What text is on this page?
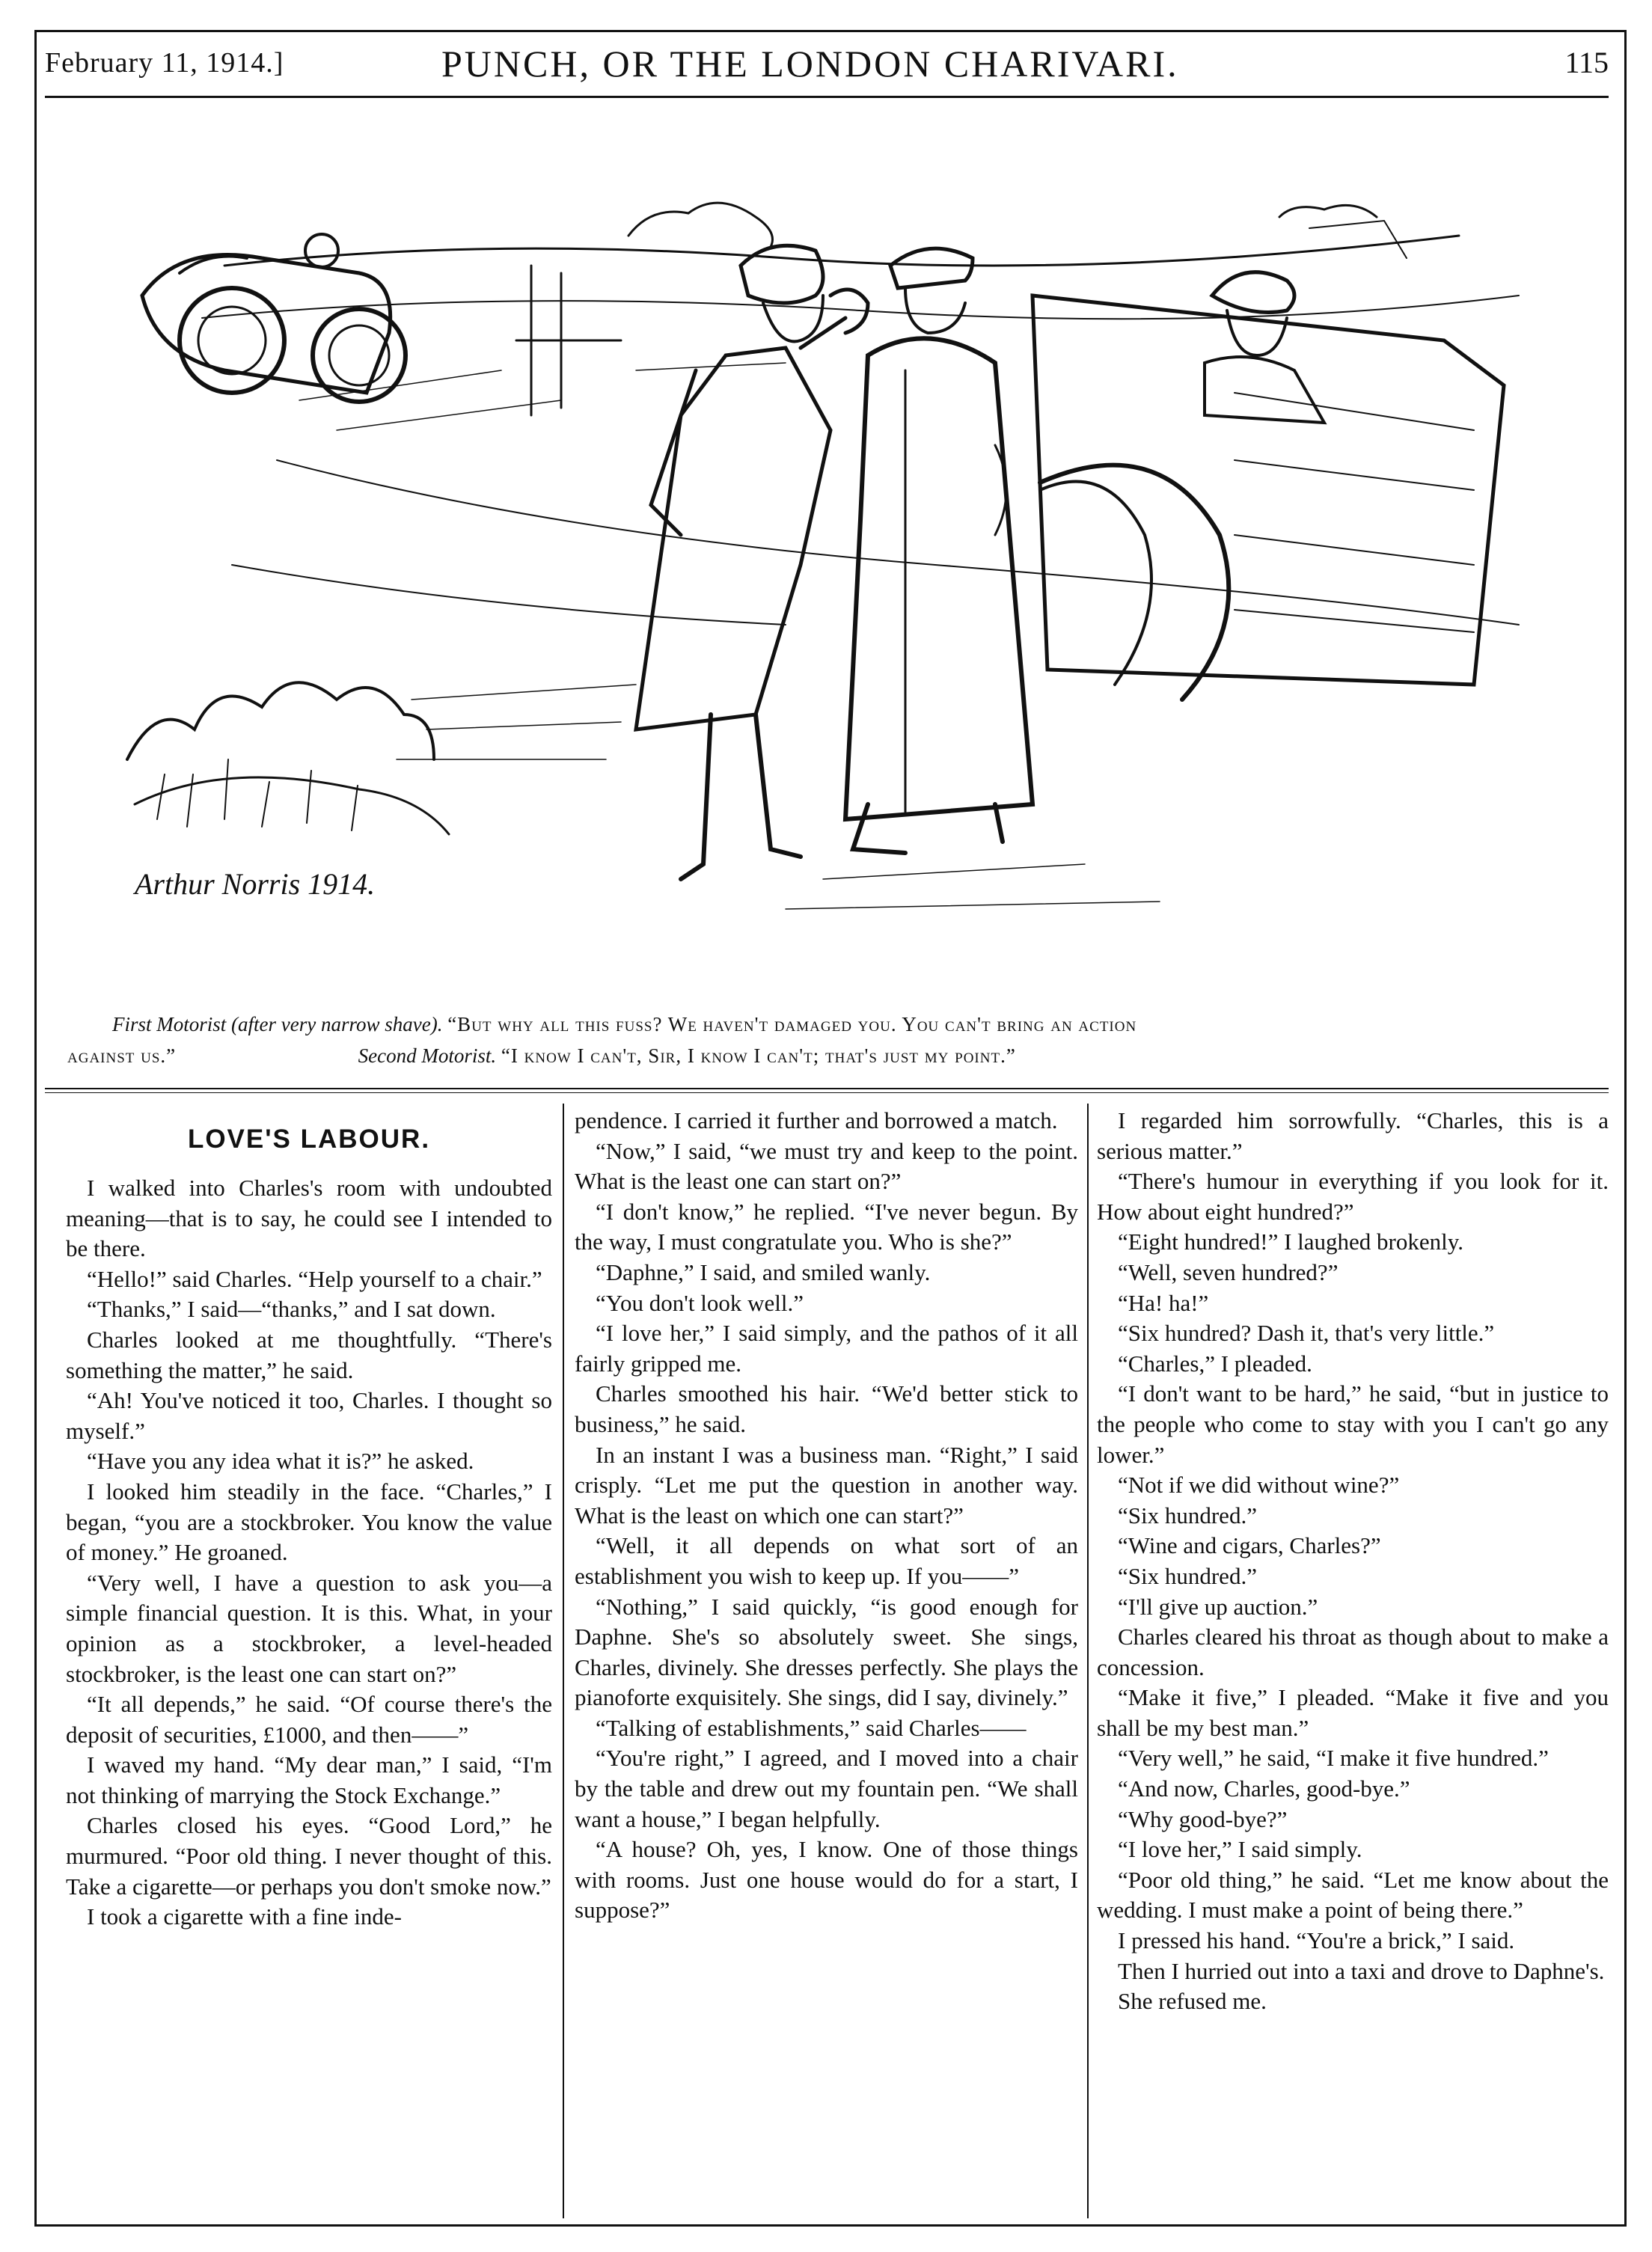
February 11, 1914.]	PUNCH, OR THE LONDON CHARIVARI.	115
Arthur Norris 1914.
First Motorist (after very narrow shave). “But why all this fuss? We haven't damaged you. You can't bring an action
against us.”	Second Motorist. “I know I can't, Sir, I know I can't; that's just my point.”
LOVE'S LABOUR.

I walked into Charles's room with undoubted meaning—that is to say, he could see I intended to be there.

“Hello!” said Charles. “Help yourself to a chair.”

“Thanks,” I said—“thanks,” and I sat down.

Charles looked at me thoughtfully. “There's something the matter,” he said.

“Ah! You've noticed it too, Charles. I thought so myself.”

“Have you any idea what it is?” he asked.

I looked him steadily in the face. “Charles,” I began, “you are a stockbroker. You know the value of money.” He groaned.

“Very well, I have a question to ask you—a simple financial question. It is this. What, in your opinion as a stockbroker, a level-headed stockbroker, is the least one can start on?”

“It all depends,” he said. “Of course there's the deposit of securities, £1000, and then——”

I waved my hand. “My dear man,” I said, “I'm not thinking of marrying the Stock Exchange.”

Charles closed his eyes. “Good Lord,” he murmured. “Poor old thing. I never thought of this. Take a cigarette—or perhaps you don't smoke now.”

I took a cigarette with a fine inde-

pendence. I carried it further and borrowed a match.

“Now,” I said, “we must try and keep to the point. What is the least one can start on?”

“I don't know,” he replied. “I've never begun. By the way, I must congratulate you. Who is she?”

“Daphne,” I said, and smiled wanly.

“You don't look well.”

“I love her,” I said simply, and the pathos of it all fairly gripped me.

Charles smoothed his hair. “We'd better stick to business,” he said.

In an instant I was a business man. “Right,” I said crisply. “Let me put the question in another way. What is the least on which one can start?”

“Well, it all depends on what sort of an establishment you wish to keep up. If you——”

“Nothing,” I said quickly, “is good enough for Daphne. She's so absolutely sweet. She sings, Charles, divinely. She dresses perfectly. She plays the pianoforte exquisitely. She sings, did I say, divinely.”

“Talking of establishments,” said Charles——

“You're right,” I agreed, and I moved into a chair by the table and drew out my fountain pen. “We shall want a house,” I began helpfully.

“A house? Oh, yes, I know. One of those things with rooms. Just one house would do for a start, I suppose?”

I regarded him sorrowfully. “Charles, this is a serious matter.”

“There's humour in everything if you look for it. How about eight hundred?”

“Eight hundred!” I laughed brokenly.

“Well, seven hundred?”

“Ha! ha!”

“Six hundred? Dash it, that's very little.”

“Charles,” I pleaded.

“I don't want to be hard,” he said, “but in justice to the people who come to stay with you I can't go any lower.”

“Not if we did without wine?”

“Six hundred.”

“Wine and cigars, Charles?”

“Six hundred.”

“I'll give up auction.”

Charles cleared his throat as though about to make a concession.

“Make it five,” I pleaded. “Make it five and you shall be my best man.”

“Very well,” he said, “I make it five hundred.”

“And now, Charles, good-bye.”

“Why good-bye?”

“I love her,” I said simply.

“Poor old thing,” he said. “Let me know about the wedding. I must make a point of being there.”

I pressed his hand. “You're a brick,” I said.

Then I hurried out into a taxi and drove to Daphne's.

She refused me.
